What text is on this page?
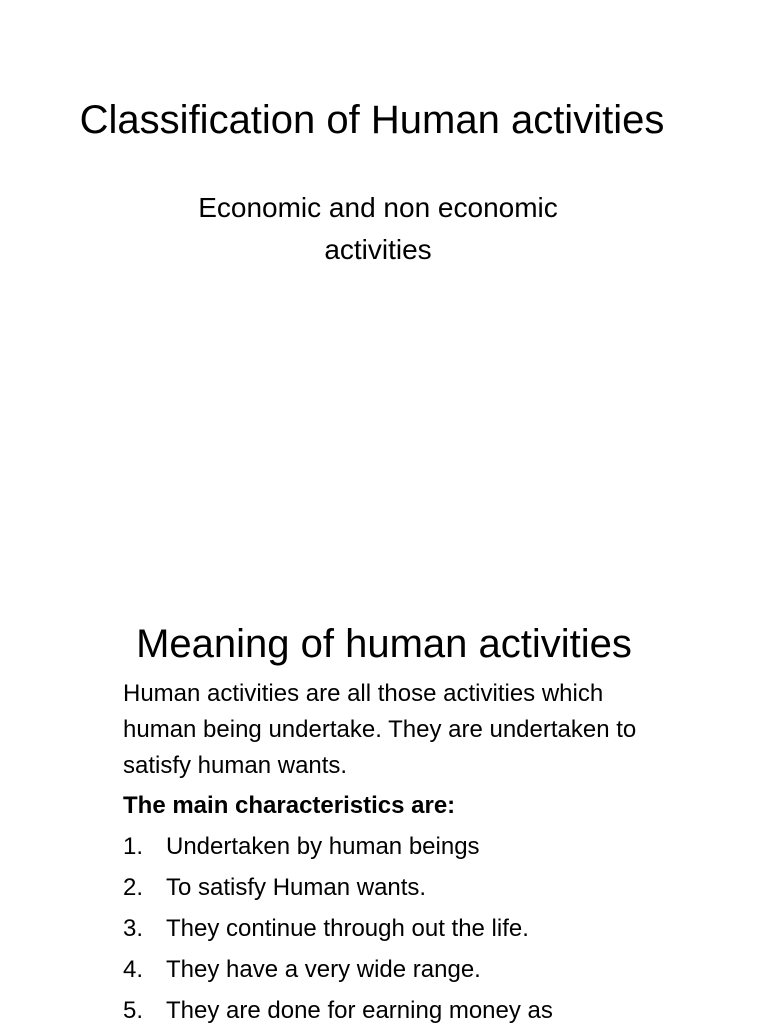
Classification of Human activities
Economic and non economic activities
Meaning of human activities

Human activities are all those activities which human being undertake. They are undertaken to satisfy human wants.

The main characteristics are:

1. Undertaken by human beings
2. To satisfy Human wants.
3. They continue through out the life.
4. They have a very wide range.
5. They are done for earning money as
